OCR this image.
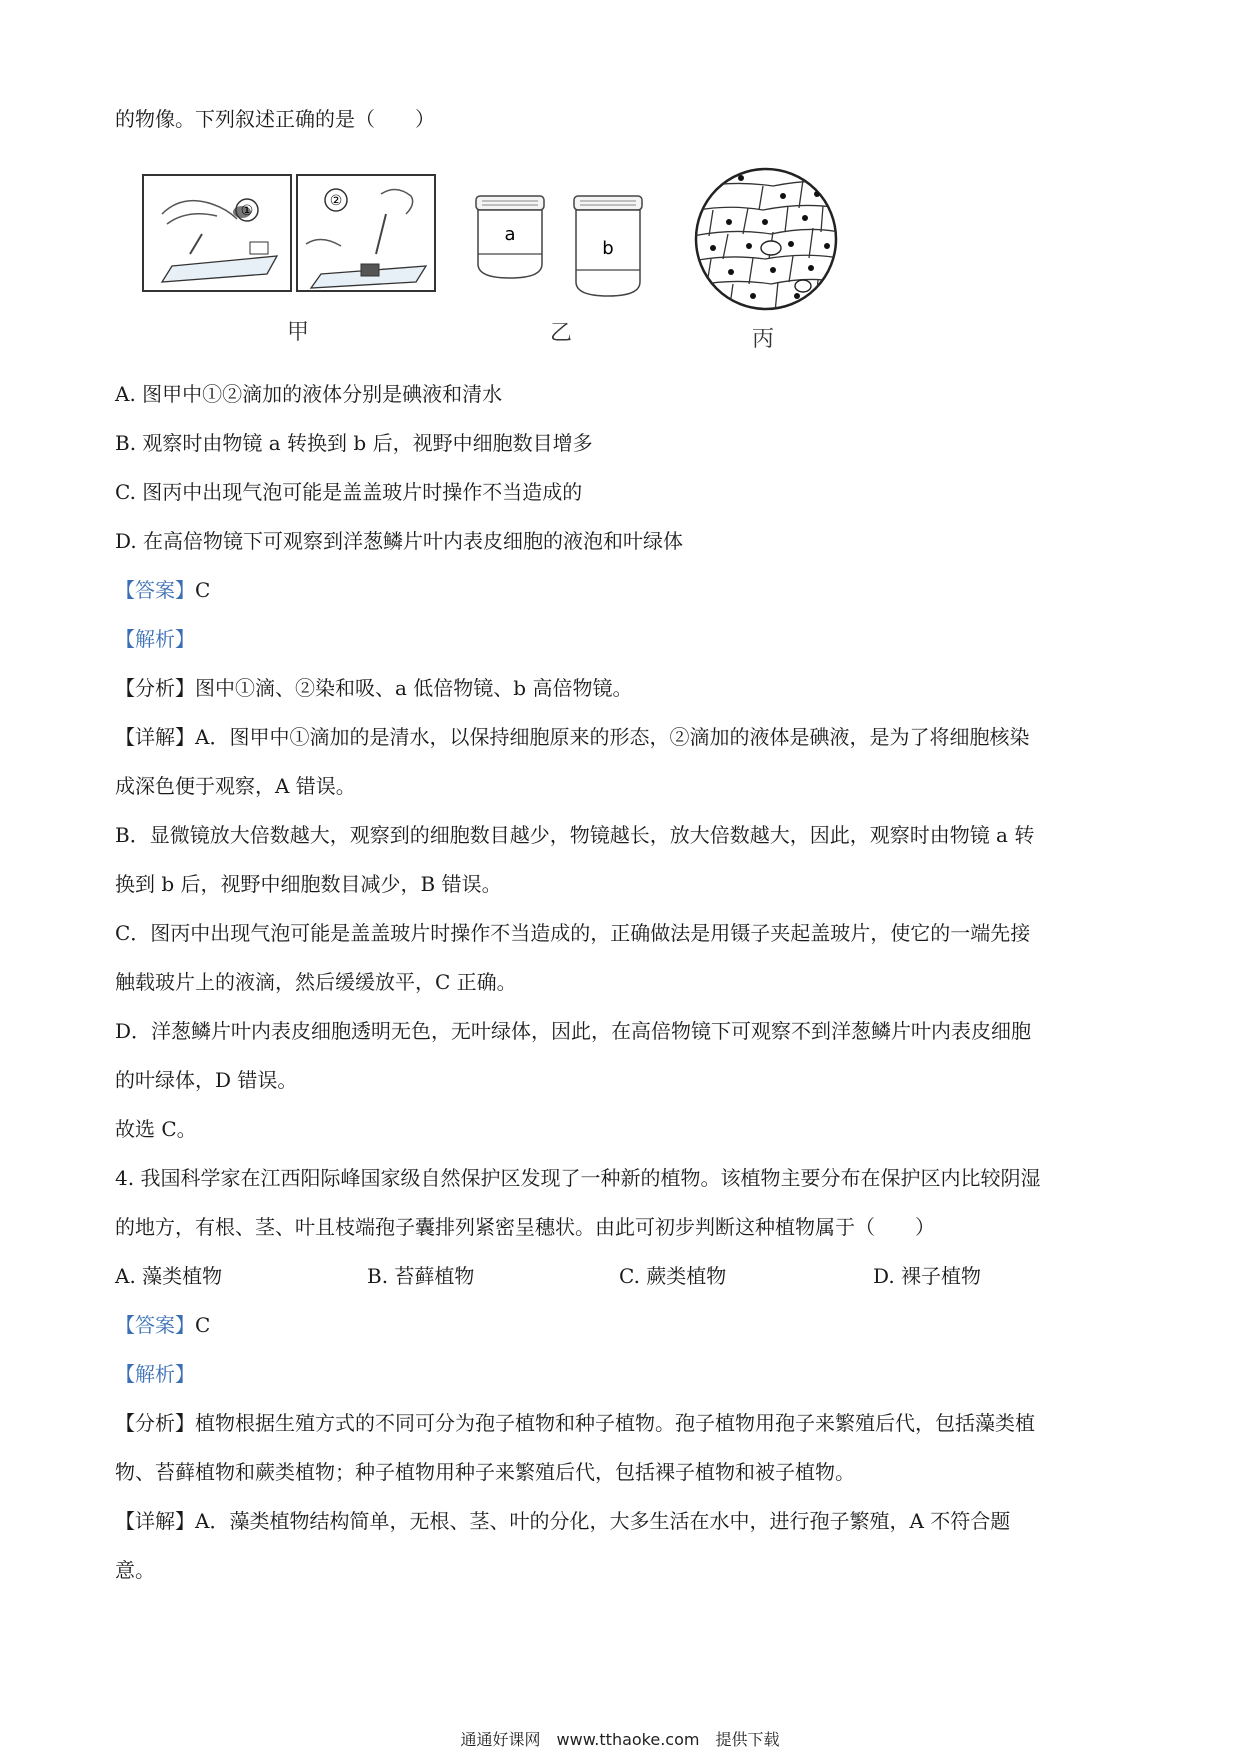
的物像。下列叙述正确的是（　　）
①
②
甲
a
b
乙	丙
A. 图甲中①②滴加的液体分别是碘液和清水
B. 观察时由物镜 a 转换到 b 后，视野中细胞数目增多
C. 图丙中出现气泡可能是盖盖玻片时操作不当造成的
D. 在高倍物镜下可观察到洋葱鳞片叶内表皮细胞的液泡和叶绿体
【答案】C
【解析】
【分析】图中①滴、②染和吸、a 低倍物镜、b 高倍物镜。
【详解】A．图甲中①滴加的是清水，以保持细胞原来的形态，②滴加的液体是碘液，是为了将细胞核染
成深色便于观察，A 错误。
B．显微镜放大倍数越大，观察到的细胞数目越少，物镜越长，放大倍数越大，因此，观察时由物镜 a 转
换到 b 后，视野中细胞数目减少，B 错误。
C．图丙中出现气泡可能是盖盖玻片时操作不当造成的，正确做法是用镊子夹起盖玻片，使它的一端先接
触载玻片上的液滴，然后缓缓放平，C 正确。
D．洋葱鳞片叶内表皮细胞透明无色，无叶绿体，因此，在高倍物镜下可观察不到洋葱鳞片叶内表皮细胞
的叶绿体，D 错误。
故选 C。
4. 我国科学家在江西阳际峰国家级自然保护区发现了一种新的植物。该植物主要分布在保护区内比较阴湿
的地方，有根、茎、叶且枝端孢子囊排列紧密呈穗状。由此可初步判断这种植物属于（　　）
A. 藻类植物	B. 苔藓植物	C. 蕨类植物	D. 裸子植物
【答案】C
【解析】
【分析】植物根据生殖方式的不同可分为孢子植物和种子植物。孢子植物用孢子来繁殖后代，包括藻类植
物、苔藓植物和蕨类植物；种子植物用种子来繁殖后代，包括裸子植物和被子植物。
【详解】A．藻类植物结构简单，无根、茎、叶的分化，大多生活在水中，进行孢子繁殖，A 不符合题
意。
通通好课网　www.tthaoke.com　提供下载
